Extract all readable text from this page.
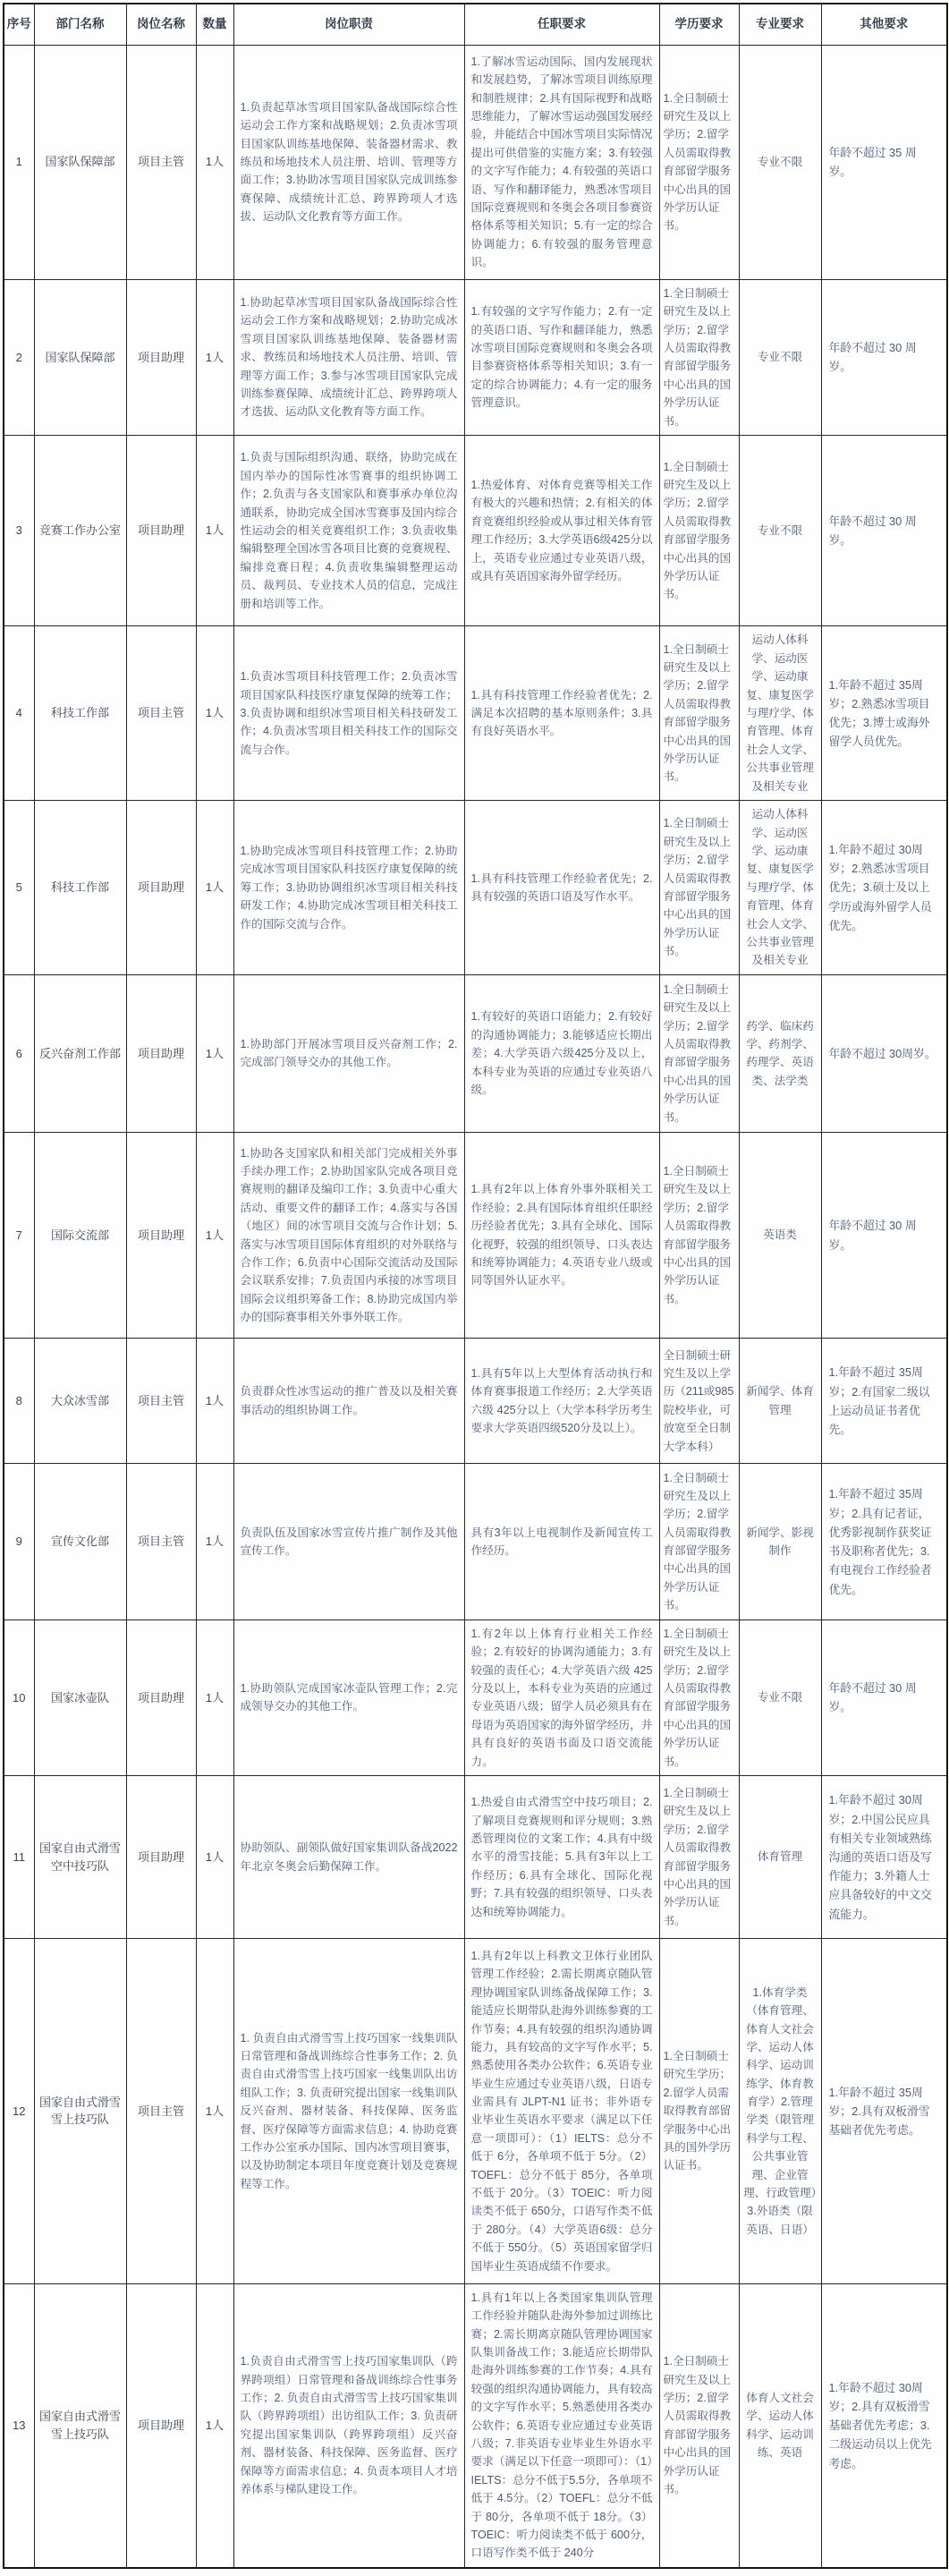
序号	部门名称	岗位名称	数量	岗位职责	任职要求	学历要求	专业要求	其他要求
1	国家队保障部	项目主管	1人	1.负责起草冰雪项目国家队备战国际综合性运动会工作方案和战略规划；2.负责冰雪项目国家队训练基地保障、装备器材需求、教练员和场地技术人员注册、培训、管理等方面工作；3.协助冰雪项目国家队完成训练参赛保障、成绩统计汇总、跨界跨项人才选拔、运动队文化教育等方面工作。	1.了解冰雪运动国际、国内发展现状和发展趋势，了解冰雪项目训练原理和制胜规律；2.具有国际视野和战略思维能力，了解冰雪运动强国发展经验，并能结合中国冰雪项目实际情况提出可供借鉴的实施方案；3.有较强的文字写作能力；4.有较强的英语口语、写作和翻译能力，熟悉冰雪项目国际竞赛规则和冬奥会各项目参赛资格体系等相关知识；5.有一定的综合协调能力；6.有较强的服务管理意识。	1.全日制硕士研究生及以上学历；2.留学人员需取得教育部留学服务中心出具的国外学历认证书。	专业不限	年龄不超过 35 周岁。
2	国家队保障部	项目助理	1人	1.协助起草冰雪项目国家队备战国际综合性运动会工作方案和战略规划；2.协助完成冰雪项目国家队训练基地保障、装备器材需求、教练员和场地技术人员注册、培训、管理等方面工作；3.参与冰雪项目国家队完成训练参赛保障、成绩统计汇总、跨界跨项人才选拔、运动队文化教育等方面工作。	1.有较强的文字写作能力；2.有一定的英语口语、写作和翻译能力，熟悉冰雪项目国际竞赛规则和冬奥会各项目参赛资格体系等相关知识；3.有一定的综合协调能力；4.有一定的服务管理意识。	1.全日制硕士研究生及以上学历；2.留学人员需取得教育部留学服务中心出具的国外学历认证书。	专业不限	年龄不超过 30 周岁。
3	竞赛工作办公室	项目助理	1人	1.负责与国际组织沟通、联络，协助完成在国内举办的国际性冰雪赛事的组织协调工作；2.负责与各支国家队和赛事承办单位沟通联系，协助完成全国冰雪赛事及国内综合性运动会的相关竞赛组织工作；3.负责收集编辑整理全国冰雪各项目比赛的竞赛规程、编排竞赛日程；4.负责收集编辑整理运动员、裁判员、专业技术人员的信息，完成注册和培训等工作。	1.热爱体育、对体育竞赛等相关工作有极大的兴趣和热情；2.有相关的体育竞赛组织经验或从事过相关体育管理工作经历；3.大学英语6级425分以上，英语专业应通过专业英语八级，或具有英语国家海外留学经历。	1.全日制硕士研究生及以上学历；2.留学人员需取得教育部留学服务中心出具的国外学历认证书。	专业不限	年龄不超过 30 周岁。
4	科技工作部	项目主管	1人	1.负责冰雪项目科技管理工作；2.负责冰雪项目国家队科技医疗康复保障的统筹工作；3.负责协调和组织冰雪项目相关科技研发工作；4.负责冰雪项目相关科技工作的国际交流与合作。	1.具有科技管理工作经验者优先；2.满足本次招聘的基本原则条件；3.具有良好英语水平。	1.全日制硕士研究生及以上学历；2.留学人员需取得教育部留学服务中心出具的国外学历认证书。	运动人体科学、运动医学、运动康复、康复医学与理疗学、体育管理、体育社会人文学、公共事业管理及相关专业	1.年龄不超过 35周岁；2.熟悉冰雪项目优先；3.博士或海外留学人员优先。
5	科技工作部	项目助理	1人	1.协助完成冰雪项目科技管理工作；2.协助完成冰雪项目国家队科技医疗康复保障的统筹工作；3.协助协调组织冰雪项目相关科技研发工作；4.协助完成冰雪项目相关科技工作的国际交流与合作。	1.具有科技管理工作经验者优先；2.具有较强的英语口语及写作水平。	1.全日制硕士研究生及以上学历；2.留学人员需取得教育部留学服务中心出具的国外学历认证书。	运动人体科学、运动医学、运动康复、康复医学与理疗学、体育管理、体育社会人文学、公共事业管理及相关专业	1.年龄不超过 30周岁；2.熟悉冰雪项目优先；3.硕士及以上学历或海外留学人员优先。
6	反兴奋剂工作部	项目助理	1人	1.协助部门开展冰雪项目反兴奋剂工作；2.完成部门领导交办的其他工作。	1.有较好的英语口语能力；2.有较好的沟通协调能力；3.能够适应长期出差；4.大学英语六级425分及以上，本科专业为英语的应通过专业英语八级。	1.全日制硕士研究生及以上学历；2.留学人员需取得教育部留学服务中心出具的国外学历认证书。	药学、临床药学、药剂学、药理学、英语类、法学类	年龄不超过 30周岁。
7	国际交流部	项目助理	1人	1.协助各支国家队和相关部门完成相关外事手续办理工作；2.协助国家队完成各项目竞赛规则的翻译及编印工作；3.负责中心重大活动、重要文件的翻译工作；4.落实与各国（地区）间的冰雪项目交流与合作计划；5.落实与冰雪项目国际体育组织的对外联络与合作工作；6.负责中心国际交流活动及国际会议联系安排；7.负责国内承接的冰雪项目国际会议组织筹备工作；8.协助完成国内举办的国际赛事相关外事外联工作。	1.具有2年以上体育外事外联相关工作经验；2.具有国际体育组织任职经历经验者优先；3.具有全球化、国际化视野，较强的组织领导、口头表达和统筹协调能力；4.英语专业八级或同等国外认证水平。	1.全日制硕士研究生及以上学历；2.留学人员需取得教育部留学服务中心出具的国外学历认证书。	英语类	年龄不超过 30 周岁。
8	大众冰雪部	项目主管	1人	负责群众性冰雪运动的推广普及以及相关赛事活动的组织协调工作。	1.具有5年以上大型体育活动执行和体育赛事报道工作经历；2.大学英语六级 425分以上（大学本科学历考生要求大学英语四级520分及以上）。	全日制硕士研究生及以上学历（211或985院校毕业，可放宽至全日制大学本科）	新闻学、体育管理	1.年龄不超过 35周岁；2.有国家二级以上运动员证书者优先。
9	宣传文化部	项目主管	1人	负责队伍及国家冰雪宣传片推广制作及其他宣传工作。	具有3年以上电视制作及新闻宣传工作经历。	1.全日制硕士研究生及以上学历；2.留学人员需取得教育部留学服务中心出具的国外学历认证书。	新闻学、影视制作	1.年龄不超过 35周岁；2.具有记者证，优秀影视制作获奖证书及职称者优先；3.有电视台工作经验者优先。
10	国家冰壶队	项目助理	1人	1.协助领队完成国家冰壶队管理工作；2.完成领导交办的其他工作。	1.有2年以上体育行业相关工作经验；2.有较好的协调沟通能力；3.有较强的责任心；4.大学英语六级 425分及以上，本科专业为英语的应通过专业英语八级；留学人员必须具有在母语为英语国家的海外留学经历，并具有良好的英语书面及口语交流能力。	1.全日制硕士研究生及以上学历；2.留学人员需取得教育部留学服务中心出具的国外学历认证书。	专业不限	年龄不超过 30 周岁。
11	国家自由式滑雪空中技巧队	项目助理	1人	协助领队、副领队做好国家集训队备战2022年北京冬奥会后勤保障工作。	1.热爱自由式滑雪空中技巧项目；2.了解项目竞赛规则和评分规则；3.熟悉管理岗位的文案工作；4.具有中级水平的滑雪技能；5.具有3年以上工作经历；6.具有全球化、国际化视野；7.具有较强的组织领导、口头表达和统筹协调能力。	1.全日制硕士研究生及以上学历；2.留学人员需取得教育部留学服务中心出具的国外学历认证书。	体育管理	1.年龄不超过 30周岁；2.中国公民应具有相关专业领域熟练沟通的英语口语及写作能力；3.外籍人士应具备较好的中文交流能力。
12	国家自由式滑雪雪上技巧队	项目主管	1人	1. 负责自由式滑雪雪上技巧国家一线集训队日常管理和备战训练综合性事务工作；2. 负责自由式滑雪雪上技巧国家一线集训队出访组队工作；3. 负责研究提出国家一线集训队反兴奋剂、器材装备、科技保障、医务监督、医疗保障等方面需求信息；4. 协助竞赛工作办公室承办国际、国内冰雪项目赛事，以及协助制定本项目年度竞赛计划及竞赛规程等工作。	1.具有2年以上科教文卫体行业团队管理工作经验；2.需长期离京随队管理协调国家队训练备战保障工作；3.能适应长期带队赴海外训练参赛的工作节奏；4.具有较强的组织沟通协调能力，具有较高的文字写作水平；5.熟悉使用各类办公软件；6.英语专业毕业生应通过专业英语八级，日语专业需具有 JLPT-N1 证书；非外语专业毕业生英语水平要求（满足以下任意一项即可）：（1）IELTS：总分不低于 6分，各单项不低于 5分。（2）TOEFL：总分不低于 85分，各单项不低于 20分。（3）TOEIC：听力阅读类不低于 650分，口语写作类不低于 280分。（4）大学英语6级：总分不低于 550分。（5）英语国家留学归国毕业生英语成绩不作要求。	1.全日制硕士研究生学历；2.留学人员需取得教育部留学服务中心出具的国外学历认证书。	1.体育学类（体育管理、体育人文社会学、运动人体科学、运动训练学、体育教育学）2.管理学类（限管理科学与工程、公共事业管理、企业管理、行政管理）3.外语类（限英语、日语）	1.年龄不超过 35周岁；2.具有双板滑雪基础者优先考虑。
13	国家自由式滑雪雪上技巧队	项目助理	1人	1.负责自由式滑雪雪上技巧国家集训队（跨界跨项组）日常管理和备战训练综合性事务工作；2. 负责自由式滑雪雪上技巧国家集训队（跨界跨项组）出访组队工作；3. 负责研究提出国家集训队（跨界跨项组）反兴奋剂、器材装备、科技保障、医务监督、医疗保障等方面需求信息；4. 负责本项目人才培养体系与梯队建设工作。	1.具有1年以上各类国家集训队管理工作经验并随队赴海外参加过训练比赛；2.需长期离京随队管理协调国家队集训备战工作；3.能适应长期带队赴海外训练参赛的工作节奏；4.具有较强的组织沟通协调能力，具有较高的文字写作水平；5.熟悉使用各类办公软件；6.英语专业应通过专业英语八级；7.非英语专业毕业生外语水平要求（满足以下任意一项即可）：（1）IELTS：总分不低于5.5分，各单项不低于 4.5分。（2）TOEFL：总分不低于 80分，各单项不低于 18分。（3）TOEIC：听力阅读类不低于 600分，口语写作类不低于 240分	1.全日制硕士研究生及以上学历；2.留学人员需取得教育部留学服务中心出具的国外学历认证书。	体育人文社会学、运动人体科学、运动训练、英语	1.年龄不超过 30周岁；2.具有双板滑雪基础者优先考虑；3.二级运动员以上优先考虑。
